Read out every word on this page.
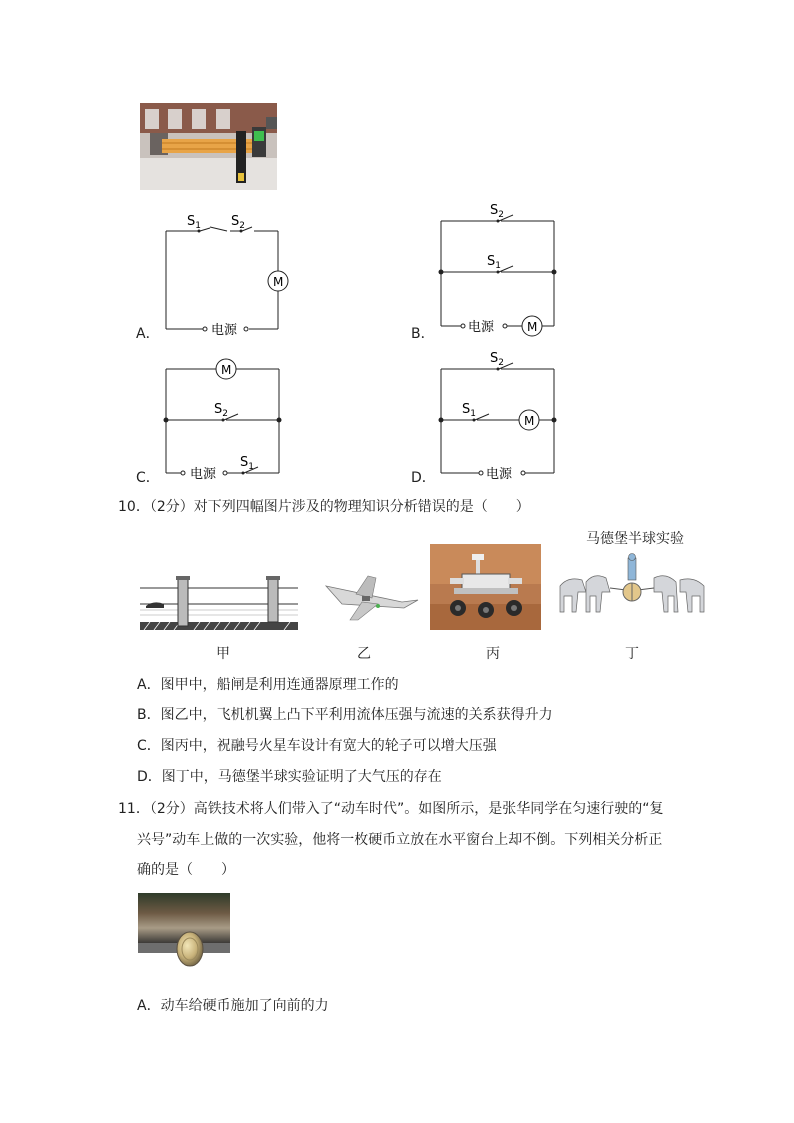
A．
$S_1$ $S_2$
M
电源	B．
$S_2$
$S_1$
M
电源
C．
M
$S_2$
$S_1$
电源	D．
$S_2$
$S_1$	M
电源
10．（2分）对下列四幅图片涉及的物理知识分析错误的是（　　）
马德堡半球实验
甲	乙	丙	丁
A．图甲中，船闸是利用连通器原理工作的
B．图乙中，飞机机翼上凸下平利用流体压强与流速的关系获得升力
C．图丙中，祝融号火星车设计有宽大的轮子可以增大压强
D．图丁中，马德堡半球实验证明了大气压的存在
11．（2分）高铁技术将人们带入了“动车时代”。如图所示，是张华同学在匀速行驶的“复
兴号”动车上做的一次实验，他将一枚硬币立放在水平窗台上却不倒。下列相关分析正
确的是（　　）
A．动车给硬币施加了向前的力
